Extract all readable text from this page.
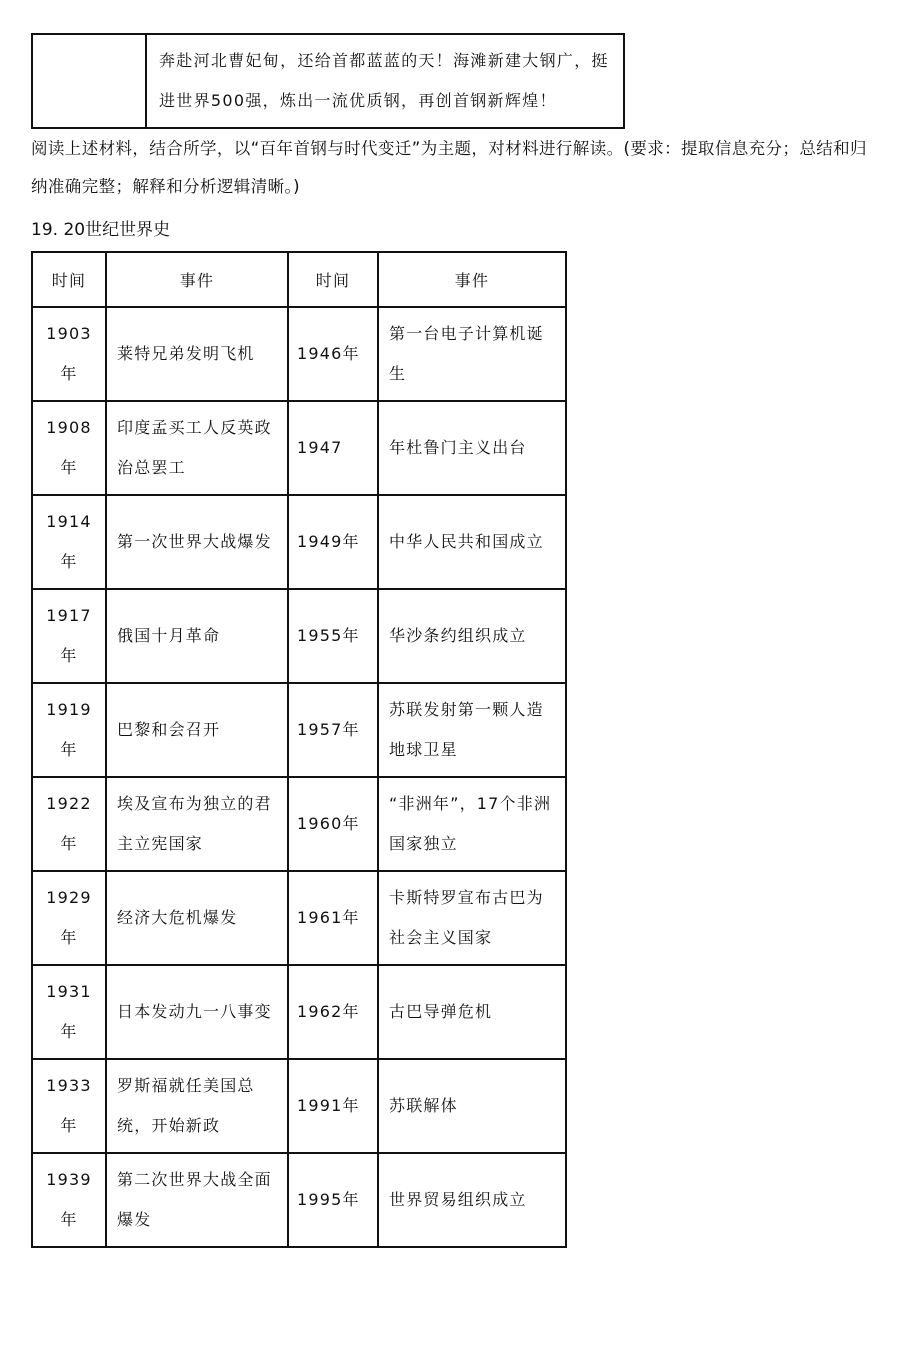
	奔赴河北曹妃甸，还给首都蓝蓝的天！海滩新建大钢广，挺进世界500强，炼出一流优质钢，再创首钢新辉煌！

阅读上述材料，结合所学，以“百年首钢与时代变迁”为主题，对材料进行解读。(要求：提取信息充分；总结和归纳准确完整；解释和分析逻辑清晰。)

19. 20世纪世界史

时间	事件	时间	事件
1903年	莱特兄弟发明飞机	1946年	第一台电子计算机诞生
1908年	印度孟买工人反英政治总罢工	1947	年杜鲁门主义出台
1914年	第一次世界大战爆发	1949年	中华人民共和国成立
1917年	俄国十月革命	1955年	华沙条约组织成立
1919年	巴黎和会召开	1957年	苏联发射第一颗人造地球卫星
1922年	埃及宣布为独立的君主立宪国家	1960年	“非洲年”，17个非洲国家独立
1929年	经济大危机爆发	1961年	卡斯特罗宣布古巴为社会主义国家
1931年	日本发动九一八事变	1962年	古巴导弹危机
1933年	罗斯福就任美国总统，开始新政	1991年	苏联解体
1939年	第二次世界大战全面爆发	1995年	世界贸易组织成立
